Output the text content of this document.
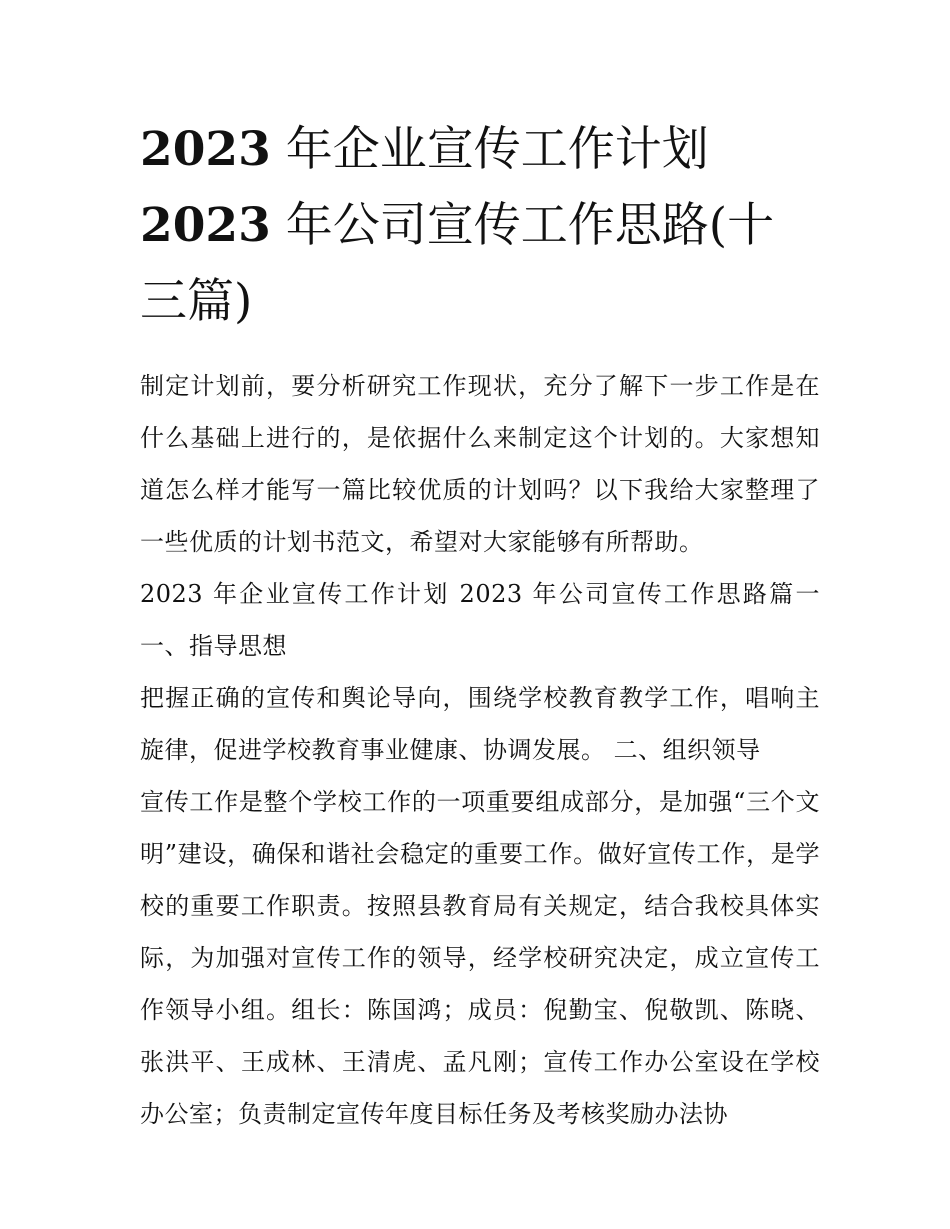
2023 年企业宣传工作计划
2023 年公司宣传工作思路(十三篇)

制定计划前，要分析研究工作现状，充分了解下一步工作是在什么基础上进行的，是依据什么来制定这个计划的。大家想知道怎么样才能写一篇比较优质的计划吗？以下我给大家整理了一些优质的计划书范文，希望对大家能够有所帮助。

2023 年企业宣传工作计划 2023 年公司宣传工作思路篇一 一、指导思想

把握正确的宣传和舆论导向，围绕学校教育教学工作，唱响主旋律，促进学校教育事业健康、协调发展。 二、组织领导

宣传工作是整个学校工作的一项重要组成部分，是加强“三个文明”建设，确保和谐社会稳定的重要工作。做好宣传工作，是学校的重要工作职责。按照县教育局有关规定，结合我校具体实际，为加强对宣传工作的领导，经学校研究决定，成立宣传工作领导小组。组长：陈国鸿；成员：倪勤宝、倪敬凯、陈晓、张洪平、王成林、王清虎、孟凡刚；宣传工作办公室设在学校办公室；负责制定宣传年度目标任务及考核奖励办法协
